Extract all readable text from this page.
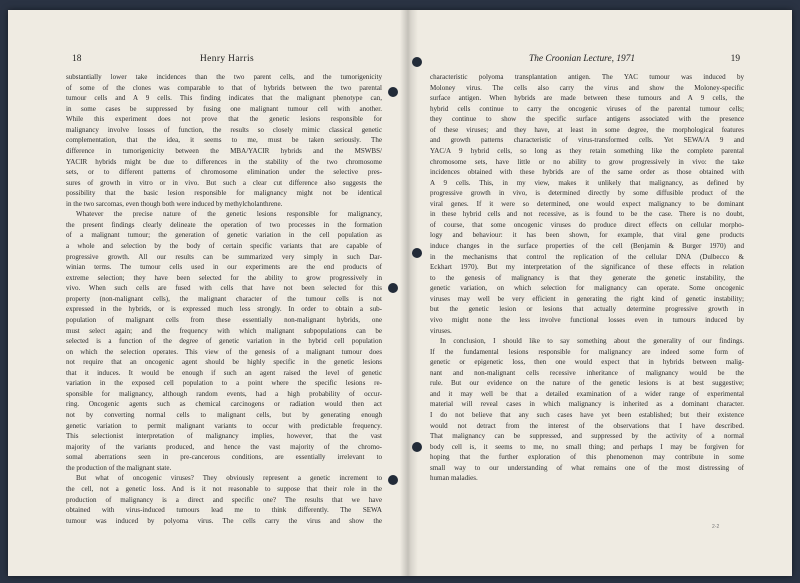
18	Henry Harris
substantially lower take incidences than the two parent cells, and the tumorigenicity
of some of the clones was comparable to that of hybrids between the two parental
tumour cells and A 9 cells. This finding indicates that the malignant phenotype can,
in some cases be suppressed by fusing one malignant tumour cell with another.
While this experiment does not prove that the genetic lesions responsible for
malignancy involve losses of function, the results so closely mimic classical genetic
complementation, that the idea, it seems to me, must be taken seriously. The
difference in tumorigenicity between the MBA/YACIR hybrids and the MSWBS/
YACIR hybrids might be due to differences in the stability of the two chromosome
sets, or to different patterns of chromosome elimination under the selective pres-
sures of growth in vitro or in vivo. But such a clear cut difference also suggests the
possibility that the basic lesion responsible for malignancy might not be identical
in the two sarcomas, even though both were induced by methylcholanthrene.
Whatever the precise nature of the genetic lesions responsible for malignancy,
the present findings clearly delineate the operation of two processes in the formation
of a malignant tumour; the generation of genetic variation in the cell population as
a whole and selection by the body of certain specific variants that are capable of
progressive growth. All our results can be summarized very simply in such Dar-
winian terms. The tumour cells used in our experiments are the end products of
extreme selection; they have been selected for the ability to grow progressively in
vivo. When such cells are fused with cells that have not been selected for this
property (non-malignant cells), the malignant character of the tumour cells is not
expressed in the hybrids, or is expressed much less strongly. In order to obtain a sub-
population of malignant cells from these essentially non-malignant hybrids, one
must select again; and the frequency with which malignant subpopulations can be
selected is a function of the degree of genetic variation in the hybrid cell population
on which the selection operates. This view of the genesis of a malignant tumour does
not require that an oncogenic agent should be highly specific in the genetic lesions
that it induces. It would be enough if such an agent raised the level of genetic
variation in the exposed cell population to a point where the specific lesions re-
sponsible for malignancy, although random events, had a high probability of occur-
ring. Oncogenic agents such as chemical carcinogens or radiation would then act
not by converting normal cells to malignant cells, but by generating enough
genetic variation to permit malignant variants to occur with predictable frequency.
This selectionist interpretation of malignancy implies, however, that the vast
majority of the variants produced, and hence the vast majority of the chromo-
somal aberrations seen in pre-cancerous conditions, are essentially irrelevant to
the production of the malignant state.
But what of oncogenic viruses? They obviously represent a genetic increment to
the cell, not a genetic loss. And is it not reasonable to suppose that their role in the
production of malignancy is a direct and specific one? The results that we have
obtained with virus-induced tumours lead me to think differently. The SEWA
tumour was induced by polyoma virus. The cells carry the virus and show the
The Croonian Lecture, 1971	19
characteristic polyoma transplantation antigen. The YAC tumour was induced by
Moloney virus. The cells also carry the virus and show the Moloney-specific
surface antigen. When hybrids are made between these tumours and A 9 cells, the
hybrid cells continue to carry the oncogenic viruses of the parental tumour cells;
they continue to show the specific surface antigens associated with the presence
of these viruses; and they have, at least in some degree, the morphological features
and growth patterns characteristic of virus-transformed cells. Yet SEWA/A 9 and
YAC/A 9 hybrid cells, so long as they retain something like the complete parental
chromosome sets, have little or no ability to grow progressively in vivo: the take
incidences obtained with these hybrids are of the same order as those obtained with
A 9 cells. This, in my view, makes it unlikely that malignancy, as defined by
progressive growth in vivo, is determined directly by some diffusible product of the
viral genes. If it were so determined, one would expect malignancy to be dominant
in these hybrid cells and not recessive, as is found to be the case. There is no doubt,
of course, that some oncogenic viruses do produce direct effects on cellular morpho-
logy and behaviour: it has been shown, for example, that viral gene products
induce changes in the surface properties of the cell (Benjamin & Burger 1970) and
in the mechanisms that control the replication of the cellular DNA (Dulbecco &
Eckhart 1970). But my interpretation of the significance of these effects in relation
to the genesis of malignancy is that they generate the genetic instability, the
genetic variation, on which selection for malignancy can operate. Some oncogenic
viruses may well be very efficient in generating the right kind of genetic instability;
but the genetic lesion or lesions that actually determine progressive growth in
vivo might none the less involve functional losses even in tumours induced by
viruses.
In conclusion, I should like to say something about the generality of our findings.
If the fundamental lesions responsible for malignancy are indeed some form of
genetic or epigenetic loss, then one would expect that in hybrids between malig-
nant and non-malignant cells recessive inheritance of malignancy would be the
rule. But our evidence on the nature of the genetic lesions is at best suggestive;
and it may well be that a detailed examination of a wider range of experimental
material will reveal cases in which malignancy is inherited as a dominant character.
I do not believe that any such cases have yet been established; but their existence
would not detract from the interest of the observations that I have described.
That malignancy can be suppressed, and suppressed by the activity of a normal
body cell is, it seems to me, no small thing; and perhaps I may be forgiven for
hoping that the further exploration of this phenomenon may contribute in some
small way to our understanding of what remains one of the most distressing of
human maladies.
2-2
